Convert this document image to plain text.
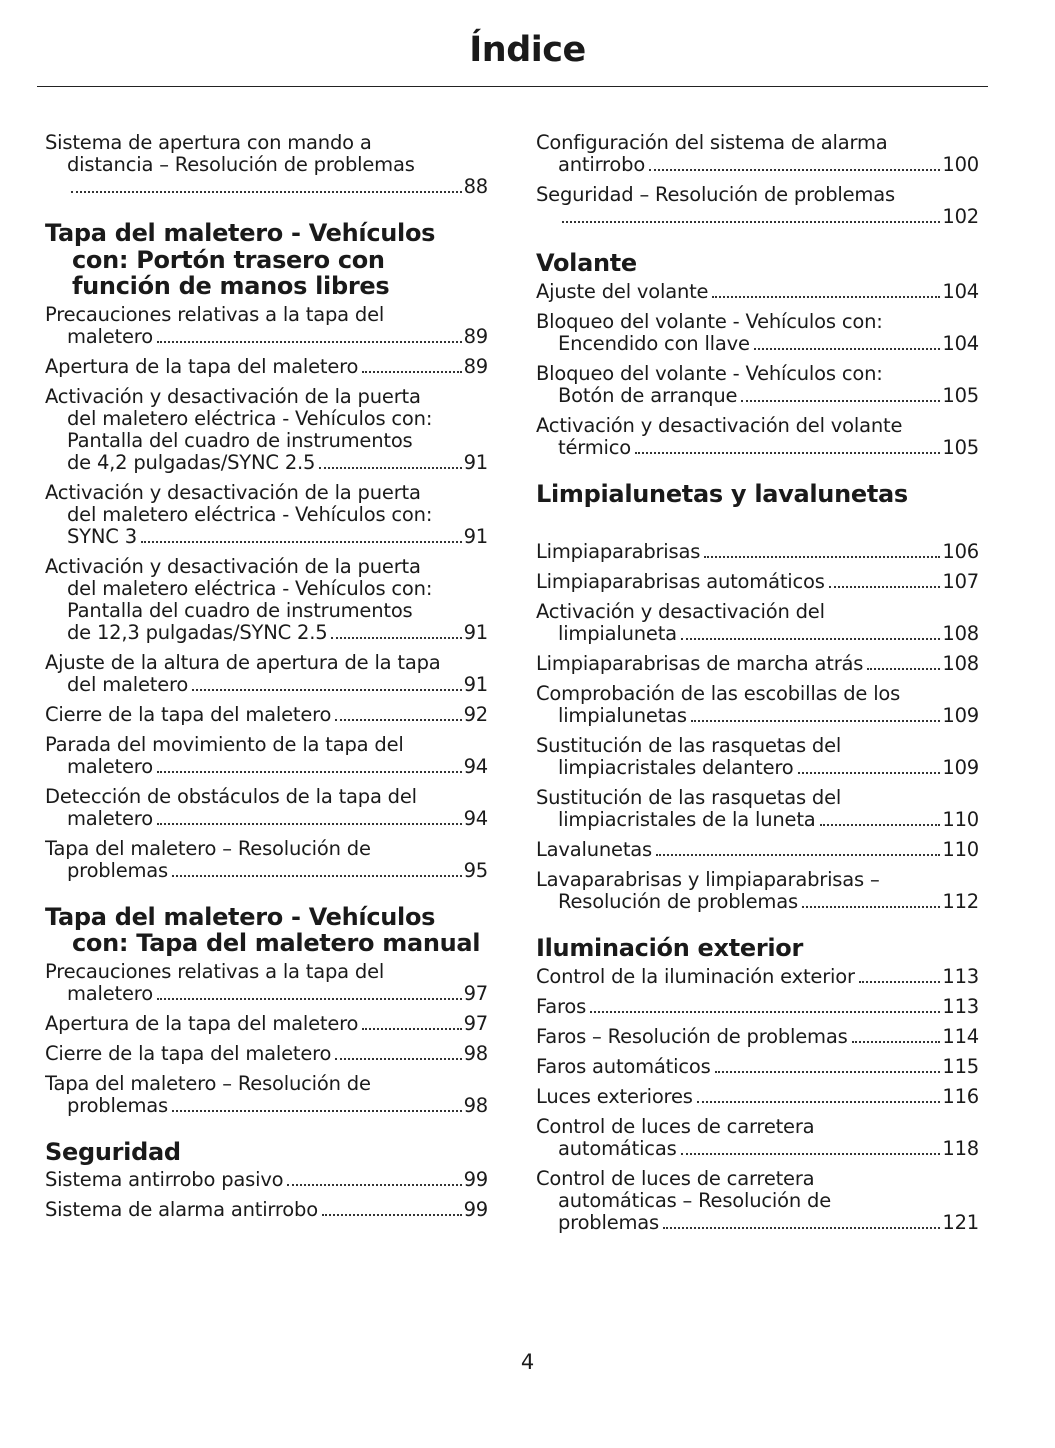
Índice
Sistema de apertura con mando a
distancia – Resolución de problemas
88
Tapa del maletero - Vehículos con: Portón trasero con función de manos libres
Precauciones relativas a la tapa del
maletero	89
Apertura de la tapa del maletero	89
Activación y desactivación de la puerta
del maletero eléctrica - Vehículos con:
Pantalla del cuadro de instrumentos
de 4,2 pulgadas/SYNC 2.5	91
Activación y desactivación de la puerta
del maletero eléctrica - Vehículos con:
SYNC 3	91
Activación y desactivación de la puerta
del maletero eléctrica - Vehículos con:
Pantalla del cuadro de instrumentos
de 12,3 pulgadas/SYNC 2.5	91
Ajuste de la altura de apertura de la tapa
del maletero	91
Cierre de la tapa del maletero	92
Parada del movimiento de la tapa del
maletero	94
Detección de obstáculos de la tapa del
maletero	94
Tapa del maletero – Resolución de
problemas	95
Tapa del maletero - Vehículos con: Tapa del maletero manual
Precauciones relativas a la tapa del
maletero	97
Apertura de la tapa del maletero	97
Cierre de la tapa del maletero	98
Tapa del maletero – Resolución de
problemas	98
Seguridad
Sistema antirrobo pasivo	99
Sistema de alarma antirrobo	99
Configuración del sistema de alarma
antirrobo	100
Seguridad – Resolución de problemas
102
Volante
Ajuste del volante	104
Bloqueo del volante - Vehículos con:
Encendido con llave	104
Bloqueo del volante - Vehículos con:
Botón de arranque	105
Activación y desactivación del volante
térmico	105
Limpialunetas y lavalunetas
Limpiaparabrisas	106
Limpiaparabrisas automáticos	107
Activación y desactivación del
limpialuneta	108
Limpiaparabrisas de marcha atrás	108
Comprobación de las escobillas de los
limpialunetas	109
Sustitución de las rasquetas del
limpiacristales delantero	109
Sustitución de las rasquetas del
limpiacristales de la luneta	110
Lavalunetas	110
Lavaparabrisas y limpiaparabrisas –
Resolución de problemas	112
Iluminación exterior
Control de la iluminación exterior	113
Faros	113
Faros – Resolución de problemas	114
Faros automáticos	115
Luces exteriores	116
Control de luces de carretera
automáticas	118
Control de luces de carretera
automáticas – Resolución de
problemas	121
4
